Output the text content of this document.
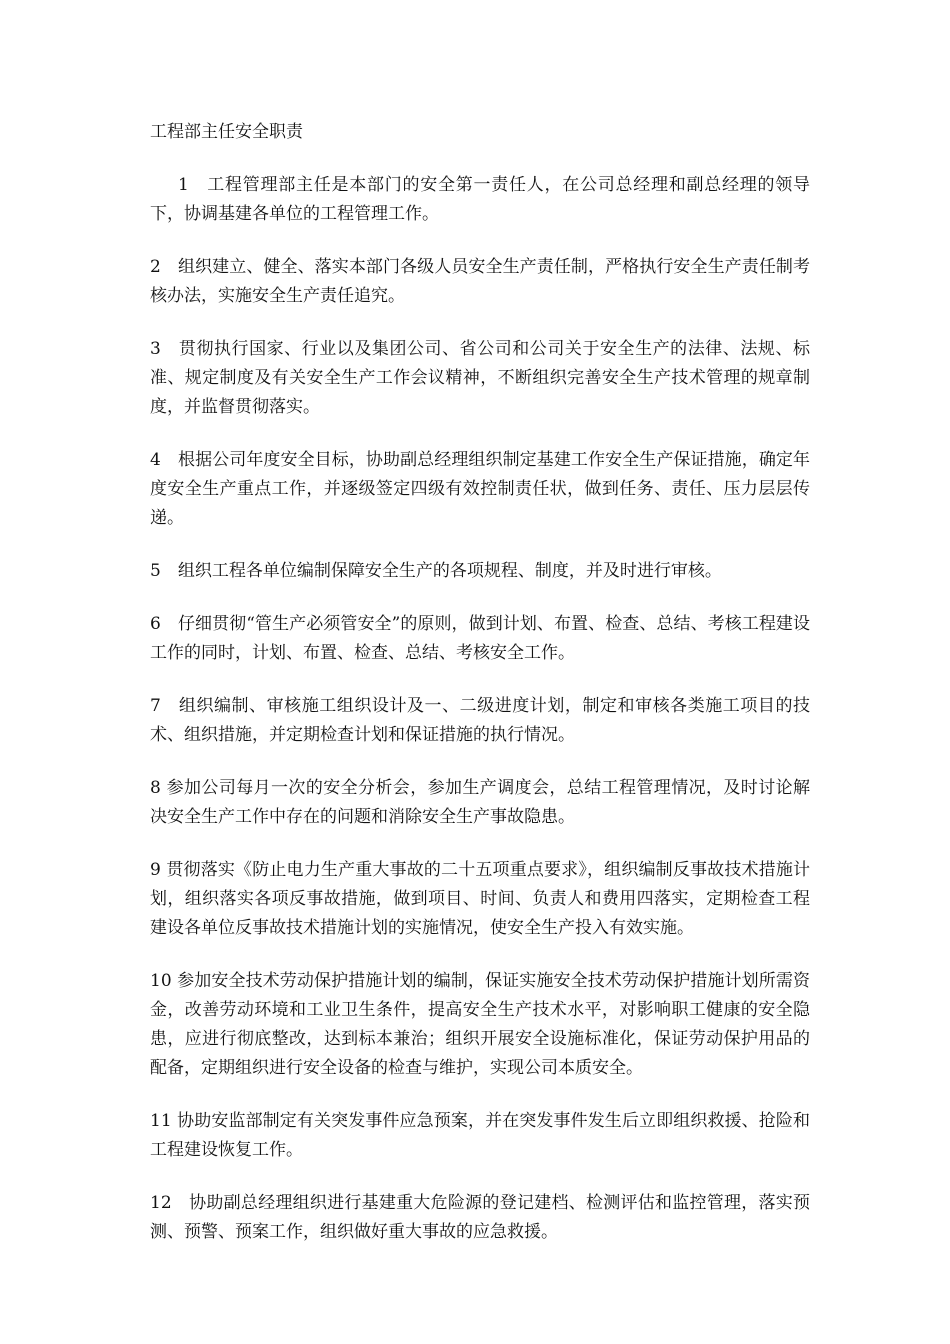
工程部主任安全职责

1　工程管理部主任是本部门的安全第一责任人，在公司总经理和副总经理的领导下，协调基建各单位的工程管理工作。

2　组织建立、健全、落实本部门各级人员安全生产责任制，严格执行安全生产责任制考核办法，实施安全生产责任追究。

3　贯彻执行国家、行业以及集团公司、省公司和公司关于安全生产的法律、法规、标准、规定制度及有关安全生产工作会议精神，不断组织完善安全生产技术管理的规章制度，并监督贯彻落实。

4　根据公司年度安全目标，协助副总经理组织制定基建工作安全生产保证措施，确定年度安全生产重点工作，并逐级签定四级有效控制责任状，做到任务、责任、压力层层传递。

5　组织工程各单位编制保障安全生产的各项规程、制度，并及时进行审核。

6　仔细贯彻“管生产必须管安全”的原则，做到计划、布置、检查、总结、考核工程建设工作的同时，计划、布置、检查、总结、考核安全工作。

7　组织编制、审核施工组织设计及一、二级进度计划，制定和审核各类施工项目的技术、组织措施，并定期检查计划和保证措施的执行情况。

8 参加公司每月一次的安全分析会，参加生产调度会，总结工程管理情况，及时讨论解决安全生产工作中存在的问题和消除安全生产事故隐患。

9 贯彻落实《防止电力生产重大事故的二十五项重点要求》，组织编制反事故技术措施计划，组织落实各项反事故措施，做到项目、时间、负责人和费用四落实，定期检查工程建设各单位反事故技术措施计划的实施情况，使安全生产投入有效实施。

10 参加安全技术劳动保护措施计划的编制，保证实施安全技术劳动保护措施计划所需资金，改善劳动环境和工业卫生条件，提高安全生产技术水平，对影响职工健康的安全隐患，应进行彻底整改，达到标本兼治；组织开展安全设施标准化，保证劳动保护用品的配备，定期组织进行安全设备的检查与维护，实现公司本质安全。

11 协助安监部制定有关突发事件应急预案，并在突发事件发生后立即组织救援、抢险和工程建设恢复工作。

12　协助副总经理组织进行基建重大危险源的登记建档、检测评估和监控管理，落实预测、预警、预案工作，组织做好重大事故的应急救援。
